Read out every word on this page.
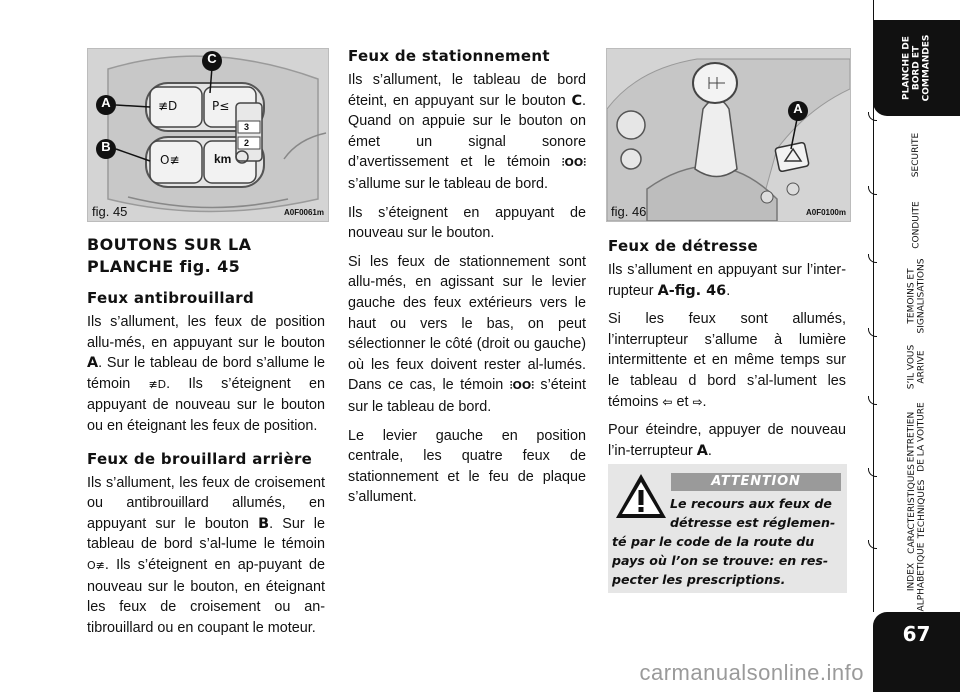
A
B
C
≢D	P≤
O≢	km
3
2
fig. 45	A0F0061m
A
fig. 46	A0F0100m
BOUTONS SUR LA PLANCHE fig. 45
Feux antibrouillard

Ils s’allument, les feux de position allu-més, en appuyant sur le bouton A. Sur le tableau de bord s’allume le témoin ≢D. Ils s’éteignent en appuyant de nouveau sur le bouton ou en éteignant les feux de position.

Feux de brouillard arrière

Ils s’allument, les feux de croisement ou antibrouillard allumés, en appuyant sur le bouton B. Sur le tableau de bord s’al-lume le témoin O≢. Ils s’éteignent en ap-puyant de nouveau sur le bouton, en éteignant les feux de croisement ou an-tibrouillard ou en coupant le moteur.

Feux de stationnement

Ils s’allument, le tableau de bord éteint, en appuyant sur le bouton C. Quand on appuie sur le bouton on émet un signal sonore d’avertissement et le témoin ⫶OO⫶ s’allume sur le tableau de bord.

Ils s’éteignent en appuyant de nouveau sur le bouton.

Si les feux de stationnement sont allu-més, en agissant sur le levier gauche des feux extérieurs vers le haut ou vers le bas, on peut sélectionner le côté (droit ou gauche) où les feux doivent rester al-lumés. Dans ce cas, le témoin ⫶OO⫶ s’éteint sur le tableau de bord.

Le levier gauche en position centrale, les quatre feux de stationnement et le feu de plaque s’allument.

Feux de détresse

Ils s’allument en appuyant sur l’inter-rupteur A-fig. 46.

Si les feux sont allumés, l’interrupteur s’allume à lumière intermittente et en même temps sur le tableau d bord s’al-lument les témoins ⇦ et ⇨.

Pour éteindre, appuyer de nouveau l’in-terrupteur A.

ATTENTION
Le recours aux feux de
détresse est réglemen-
té par le code de la route du pays où l’on se trouve: en res-pecter les prescriptions.
PLANCHE DE
BORD ET
COMMANDES
SECURITE
CONDUITE
TEMOINS ET
SIGNALISATIONS
S’IL VOUS
ARRIVE
ENTRETIEN
DE LA VOITURE
CARACTERISTIQUES
TECHNIQUES
INDEX
ALPHABETIQUE
67
carmanualsonline.info
